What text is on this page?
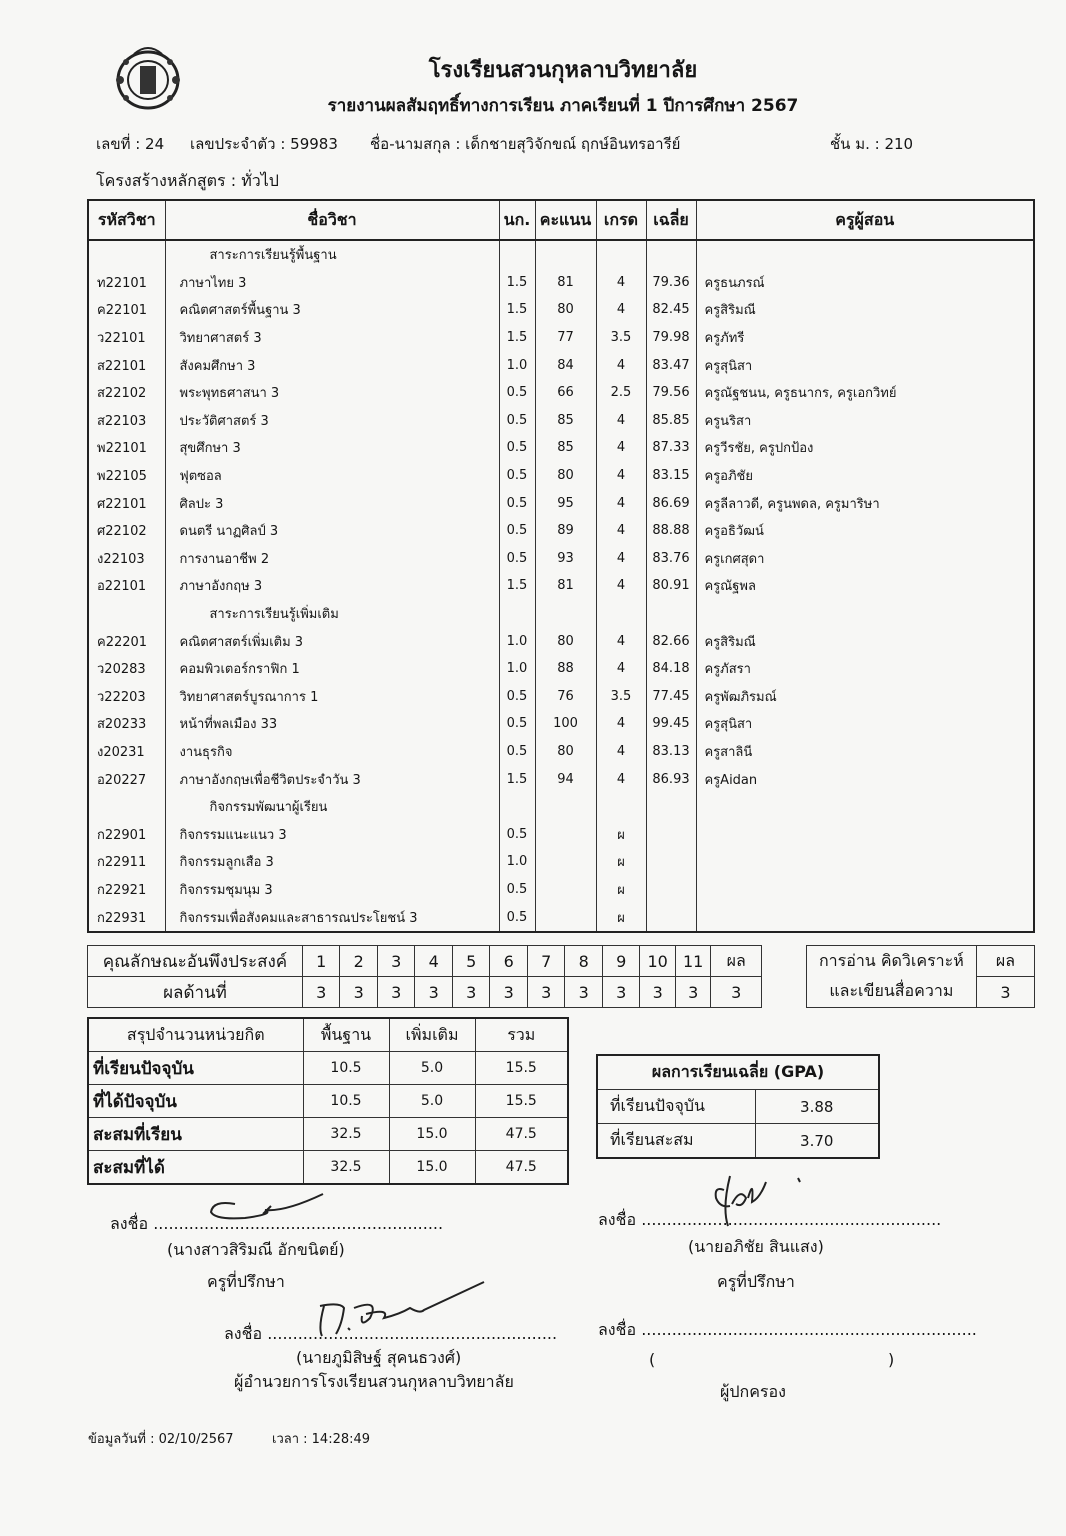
โรงเรียนสวนกุหลาบวิทยาลัย
รายงานผลสัมฤทธิ์ทางการเรียน ภาคเรียนที่ 1 ปีการศึกษา 2567
เลขที่ : 24 เลขประจำตัว : 59983 ชื่อ-นามสกุล : เด็กชายสุวิจักขณ์ ฤกษ์อินทรอารีย์	ชั้น ม. : 210
โครงสร้างหลักสูตร : ทั่วไป
รหัสวิชา	ชื่อวิชา	นก.	คะแนน	เกรด	เฉลี่ย	ครูผู้สอน
	สาระการเรียนรู้พื้นฐาน					
ท22101	ภาษาไทย 3	1.5	81	4	79.36	ครูธนภรณ์
ค22101	คณิตศาสตร์พื้นฐาน 3	1.5	80	4	82.45	ครูสิริมณี
ว22101	วิทยาศาสตร์ 3	1.5	77	3.5	79.98	ครูภัทรี
ส22101	สังคมศึกษา 3	1.0	84	4	83.47	ครูสุนิสา
ส22102	พระพุทธศาสนา 3	0.5	66	2.5	79.56	ครูณัฐชนน, ครูธนากร, ครูเอกวิทย์
ส22103	ประวัติศาสตร์ 3	0.5	85	4	85.85	ครูนริสา
พ22101	สุขศึกษา 3	0.5	85	4	87.33	ครูวีรชัย, ครูปกป้อง
พ22105	ฟุตซอล	0.5	80	4	83.15	ครูอภิชัย
ศ22101	ศิลปะ 3	0.5	95	4	86.69	ครูลีลาวดี, ครูนพดล, ครูมาริษา
ศ22102	ดนตรี นาฏศิลป์ 3	0.5	89	4	88.88	ครูอธิวัฒน์
ง22103	การงานอาชีพ 2	0.5	93	4	83.76	ครูเกศสุดา
อ22101	ภาษาอังกฤษ 3	1.5	81	4	80.91	ครูณัฐพล
	สาระการเรียนรู้เพิ่มเติม					
ค22201	คณิตศาสตร์เพิ่มเติม 3	1.0	80	4	82.66	ครูสิริมณี
ว20283	คอมพิวเตอร์กราฟิก 1	1.0	88	4	84.18	ครูภัสรา
ว22203	วิทยาศาสตร์บูรณาการ 1	0.5	76	3.5	77.45	ครูพัฒภิรมณ์
ส20233	หน้าที่พลเมือง 33	0.5	100	4	99.45	ครูสุนิสา
ง20231	งานธุรกิจ	0.5	80	4	83.13	ครูสาลินี
อ20227	ภาษาอังกฤษเพื่อชีวิตประจำวัน 3	1.5	94	4	86.93	ครูAidan
	กิจกรรมพัฒนาผู้เรียน					
ก22901	กิจกรรมแนะแนว 3	0.5		ผ		
ก22911	กิจกรรมลูกเสือ 3	1.0		ผ		
ก22921	กิจกรรมชุมนุม 3	0.5		ผ		
ก22931	กิจกรรมเพื่อสังคมและสาธารณประโยชน์ 3	0.5		ผ		
คุณลักษณะอันพึงประสงค์	1	2	3	4	5	6	7	8	9	10	11	ผล		การอ่าน คิดวิเคราะห์	ผล
ผลด้านที่	3	3	3	3	3	3	3	3	3	3	3	3		และเขียนสื่อความ	3
สรุปจำนวนหน่วยกิต	พื้นฐาน	เพิ่มเติม	รวม
ที่เรียนปัจจุบัน	10.5	5.0	15.5
ที่ได้ปัจจุบัน	10.5	5.0	15.5
สะสมที่เรียน	32.5	15.0	47.5
สะสมที่ได้	32.5	15.0	47.5
ผลการเรียนเฉลี่ย (GPA)	
ที่เรียนปัจจุบัน	3.88
ที่เรียนสะสม	3.70
ลงชื่อ .........................................................
(นางสาวสิริมณี อักขนิตย์)
ครูที่ปรึกษา
ลงชื่อ ...........................................................
(นายอภิชัย สินแสง)
ครูที่ปรึกษา
ลงชื่อ .........................................................
(นายภูมิสิษฐ์ สุคนธวงศ์)
ผู้อำนวยการโรงเรียนสวนกุหลาบวิทยาลัย
ลงชื่อ ..................................................................
(	)
ผู้ปกครอง
ข้อมูลวันที่ : 02/10/2567	เวลา : 14:28:49
